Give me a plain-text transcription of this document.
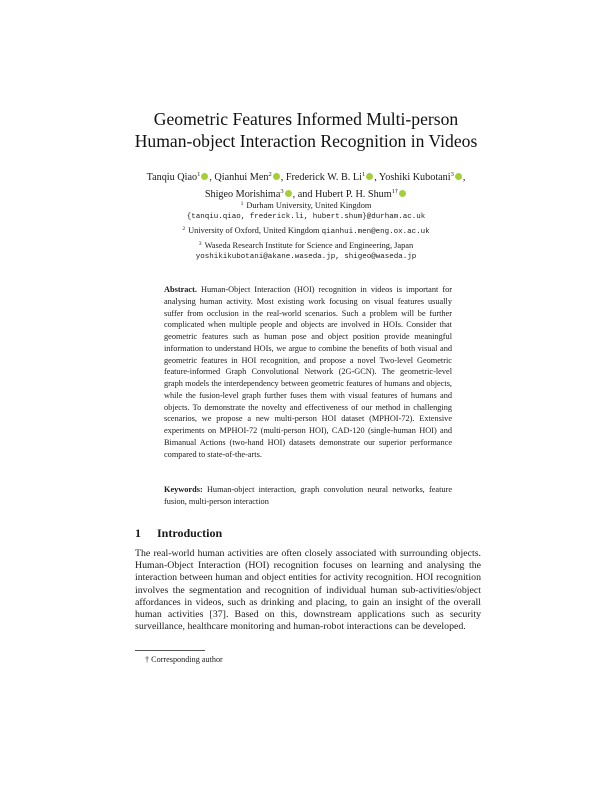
Geometric Features Informed Multi-person
Human-object Interaction Recognition in Videos
Tanqiu Qiao$^1$ , Qianhui Men$^2$ , Frederick W. B. Li$^1$ , Yoshiki Kubotani$^3$ ,
Shigeo Morishima$^3$ , and Hubert P. H. Shum$^{1\dagger}$
$^1$ Durham University, United Kingdom
{tanqiu.qiao, frederick.li, hubert.shum}@durham.ac.uk
$^2$ University of Oxford, United Kingdom qianhui.men@eng.ox.ac.uk
$^3$ Waseda Research Institute for Science and Engineering, Japan
yoshikikubotani@akane.waseda.jp, shigeo@waseda.jp
Abstract. Human-Object Interaction (HOI) recognition in videos is important for analysing human activity. Most existing work focusing on visual features usually suffer from occlusion in the real-world scenarios. Such a problem will be further complicated when multiple people and objects are involved in HOIs. Consider that geometric features such as human pose and object position provide meaningful information to understand HOIs, we argue to combine the benefits of both visual and geometric features in HOI recognition, and propose a novel Two-level Geometric feature-informed Graph Convolutional Network (2G-GCN). The geometric-level graph models the interdependency between geometric features of humans and objects, while the fusion-level graph further fuses them with visual features of humans and objects. To demonstrate the novelty and effectiveness of our method in challenging scenarios, we propose a new multi-person HOI dataset (MPHOI-72). Extensive experiments on MPHOI-72 (multi-person HOI), CAD-120 (single-human HOI) and Bimanual Actions (two-hand HOI) datasets demonstrate our superior performance compared to state-of-the-arts.
Keywords: Human-object interaction, graph convolution neural networks, feature fusion, multi-person interaction
1 Introduction
The real-world human activities are often closely associated with surrounding objects. Human-Object Interaction (HOI) recognition focuses on learning and analysing the interaction between human and object entities for activity recognition. HOI recognition involves the segmentation and recognition of individual human sub-activities/object affordances in videos, such as drinking and placing, to gain an insight of the overall human activities [37]. Based on this, downstream applications such as security surveillance, healthcare monitoring and human-robot interactions can be developed.
† Corresponding author
